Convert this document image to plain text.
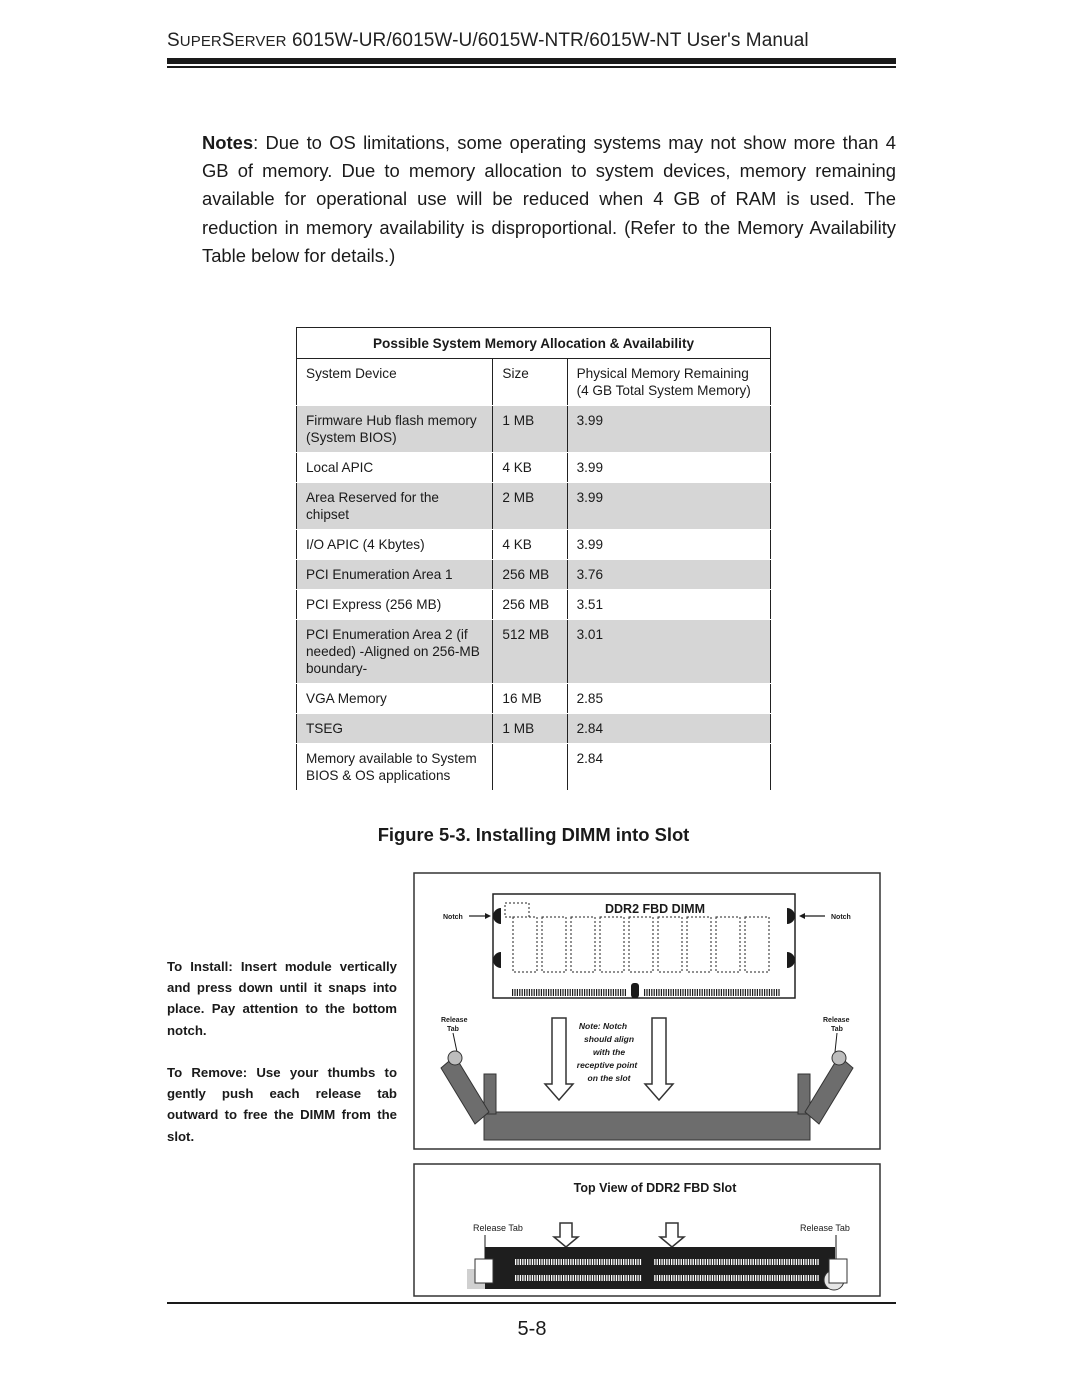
SUPERSERVER 6015W-UR/6015W-U/6015W-NTR/6015W-NT User's Manual
Notes: Due to OS limitations, some operating systems may not show more than 4 GB of memory. Due to memory allocation to system devices, memory remaining available for operational use will be reduced when 4 GB of RAM is used. The reduction in memory availability is disproportional. (Refer to the Memory Availability Table below for details.)
Possible System Memory Allocation & Availability		
System Device	Size	Physical Memory Remaining (4 GB Total System Memory)
Firmware Hub flash memory (System BIOS)	1 MB	3.99
Local APIC	4 KB	3.99
Area Reserved for the chipset	2 MB	3.99
I/O APIC (4 Kbytes)	4 KB	3.99
PCI Enumeration Area 1	256 MB	3.76
PCI Express (256 MB)	256 MB	3.51
PCI Enumeration Area 2 (if needed) -Aligned on 256-MB boundary-	512 MB	3.01
VGA Memory	16 MB	2.85
TSEG	1 MB	2.84
Memory available to System BIOS & OS applications		2.84
Figure 5-3. Installing DIMM into Slot
To Install: Insert module vertically and press down until it snaps into place. Pay attention to the bottom notch.
To Remove: Use your thumbs to gently push each release tab outward to free the DIMM from the slot.
DDR2 FBD DIMM
Notch	Notch
Release
Tab
Release
Tab
Note: Notch
should align
with the
receptive point
on the slot
Top View of DDR2 FBD Slot
Release Tab	Release Tab
5-8
